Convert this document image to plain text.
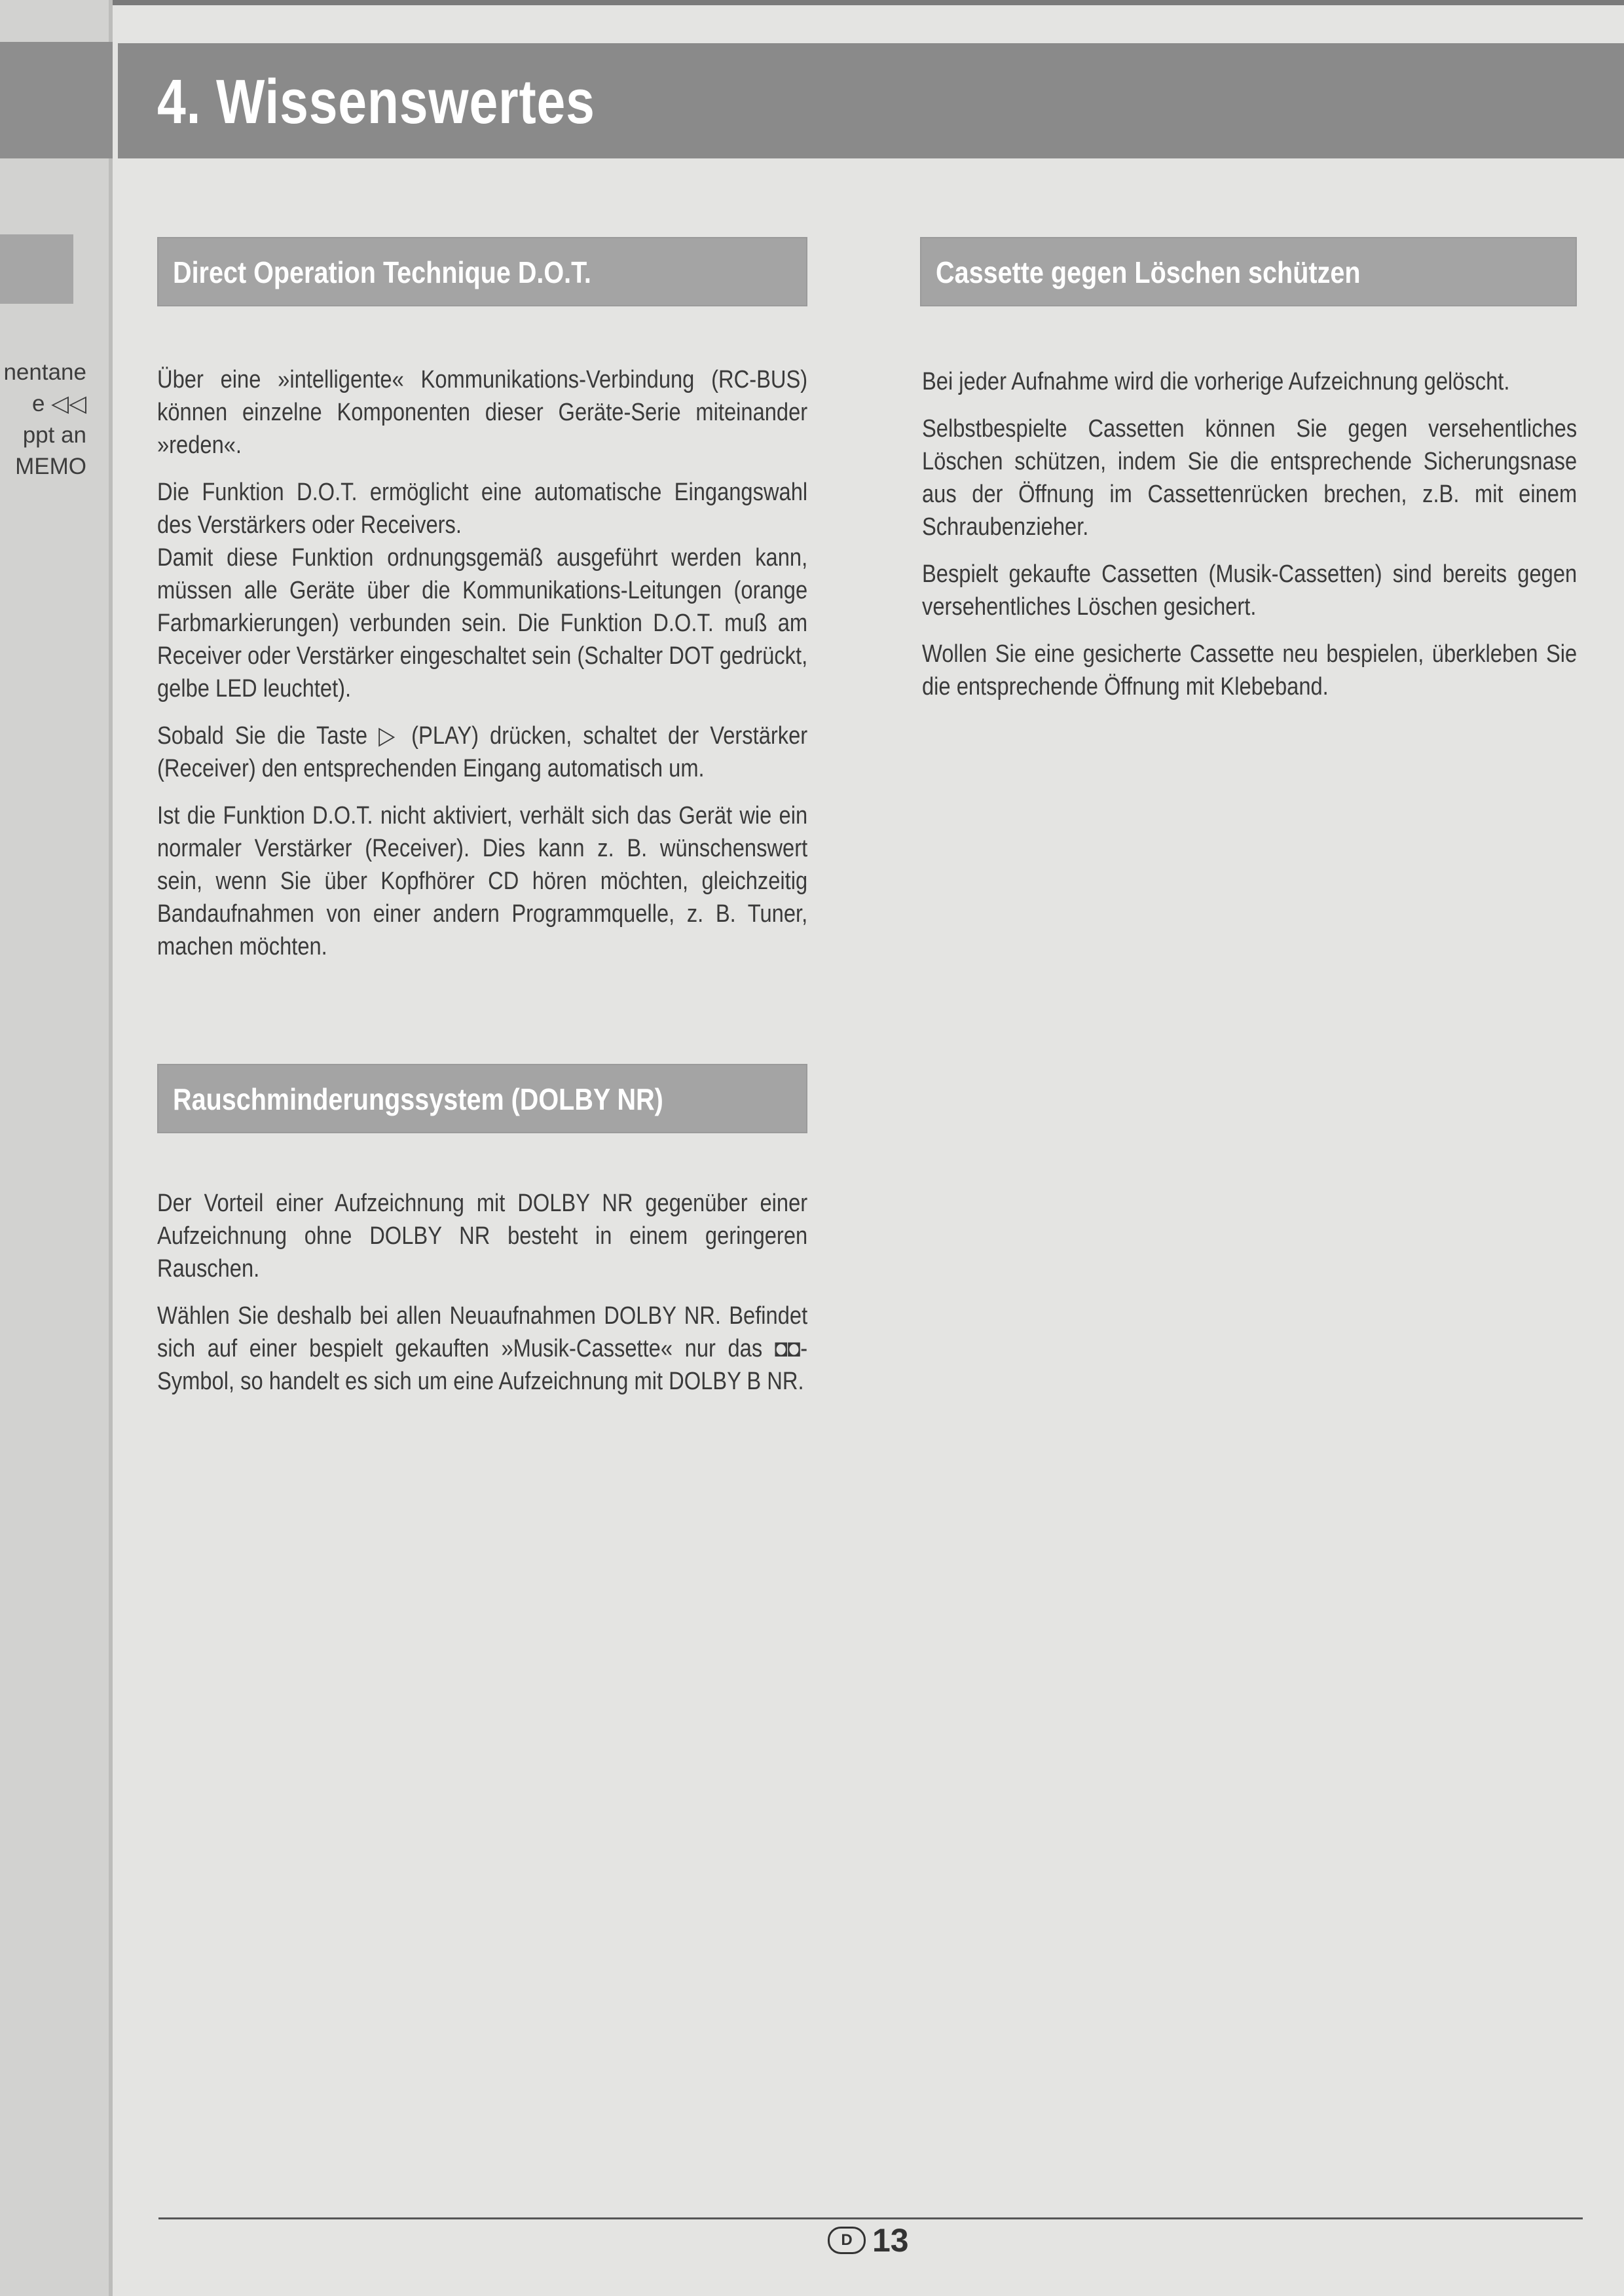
nentane
e ◁◁
ppt an
MEMO
4. Wissenswertes
Direct Operation Technique D.O.T.

Über eine »intelligente« Kommunikations-Verbindung (RC-BUS) können einzelne Komponenten dieser Geräte-Serie miteinander »reden«.

Die Funktion D.O.T. ermöglicht eine automatische Eingangswahl des Verstärkers oder Receivers.

Damit diese Funktion ordnungsgemäß ausgeführt werden kann, müssen alle Geräte über die Kommunikations-Leitungen (orange Farbmarkierungen) verbunden sein. Die Funktion D.O.T. muß am Receiver oder Verstärker eingeschaltet sein (Schalter DOT gedrückt, gelbe LED leuchtet).

Sobald Sie die Taste ▷ (PLAY) drücken, schaltet der Verstärker (Receiver) den entsprechenden Eingang automatisch um.

Ist die Funktion D.O.T. nicht aktiviert, verhält sich das Gerät wie ein normaler Verstärker (Receiver). Dies kann z. B. wünschenswert sein, wenn Sie über Kopfhörer CD hören möchten, gleichzeitig Bandaufnahmen von einer andern Programmquelle, z. B. Tuner, machen möchten.

Rauschminderungssystem (DOLBY NR)

Der Vorteil einer Aufzeichnung mit DOLBY NR gegenüber einer Aufzeichnung ohne DOLBY NR besteht in einem geringeren Rauschen.

Wählen Sie deshalb bei allen Neuaufnahmen DOLBY NR. Befindet sich auf einer bespielt gekauften »Musik-Cassette« nur das ◘◘-Symbol, so handelt es sich um eine Aufzeichnung mit DOLBY B NR.

Cassette gegen Löschen schützen

Bei jeder Aufnahme wird die vorherige Aufzeichnung gelöscht.

Selbstbespielte Cassetten können Sie gegen versehentliches Löschen schützen, indem Sie die entsprechende Sicherungsnase aus der Öffnung im Cassettenrücken brechen, z.B. mit einem Schraubenzieher.

Bespielt gekaufte Cassetten (Musik-Cassetten) sind bereits gegen versehentliches Löschen gesichert.

Wollen Sie eine gesicherte Cassette neu bespielen, überkleben Sie die entsprechende Öffnung mit Klebeband.

D 13
